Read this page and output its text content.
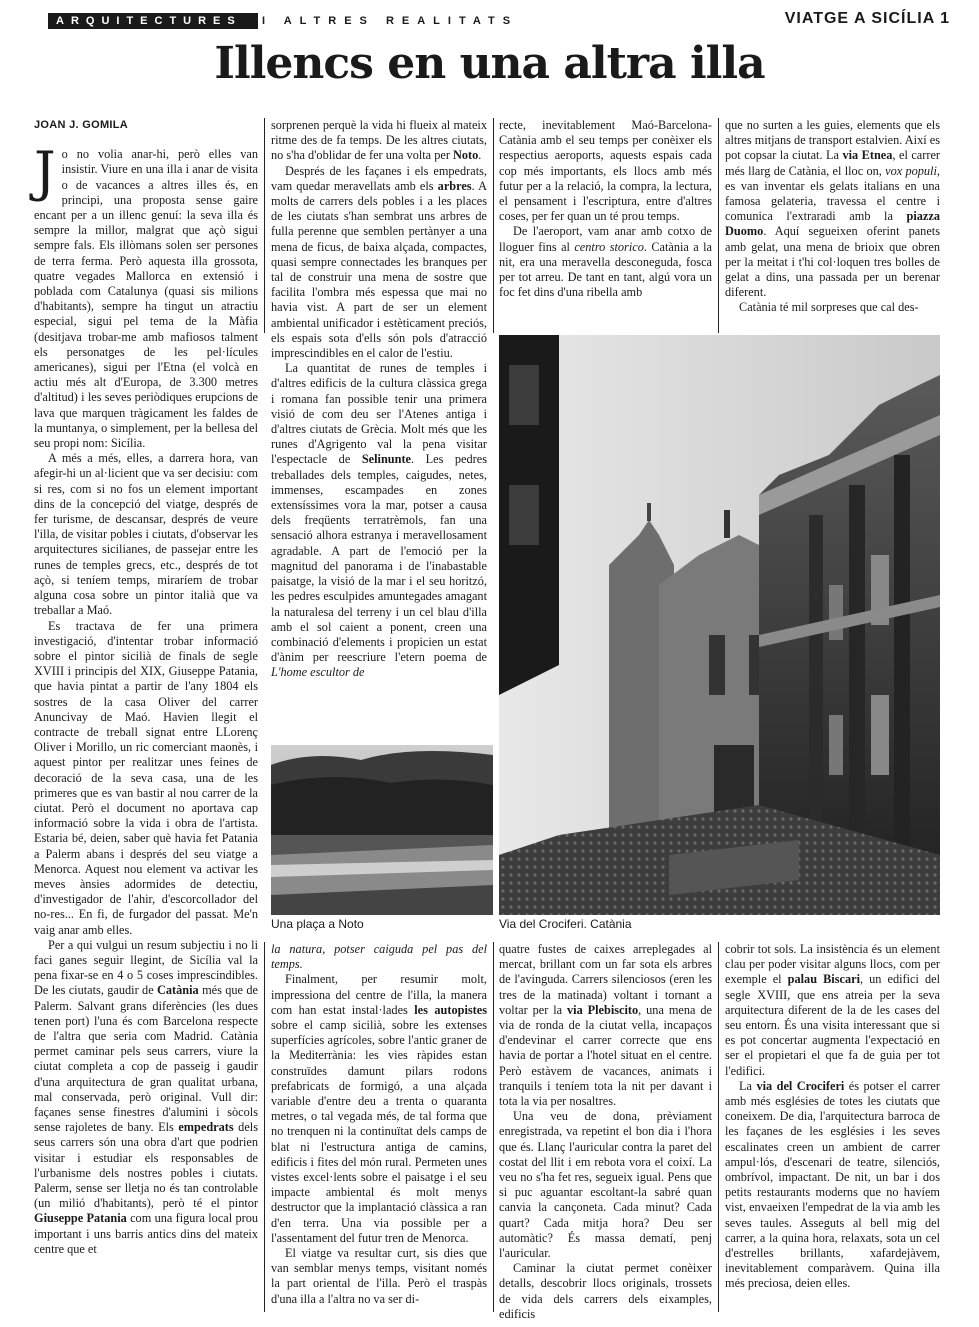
ARQUITECTURES	I ALTRES REALITATS	VIATGE A SICÍLIA 1
Illencs en una altra illa
JOAN J. GOMILA

Jo no volia anar-hi, però elles van insistir. Viure en una illa i anar de visita o de vacances a altres illes és, en principi, una proposta sense gaire encant per a un illenc genuí: la seva illa és sempre la millor, malgrat que açò sigui sempre fals. Els illòmans solen ser persones de terra ferma. Però aquesta illa grossota, quatre vegades Mallorca en extensió i poblada com Catalunya (quasi sis milions d'habitants), sempre ha tingut un atractiu especial, sigui pel tema de la Màfia (desitjava trobar-me amb mafiosos talment els personatges de les pel·lícules americanes), sigui per l'Etna (el volcà en actiu més alt d'Europa, de 3.300 metres d'altitud) i les seves periòdiques erupcions de lava que marquen tràgicament les faldes de la muntanya, o simplement, per la bellesa del seu propi nom: Sicília.

A més a més, elles, a darrera hora, van afegir-hi un al·licient que va ser decisiu: com si res, com si no fos un element important dins de la concepció del viatge, després de fer turisme, de descansar, després de veure l'illa, de visitar pobles i ciutats, d'observar les arquitectures sicilianes, de passejar entre les runes de temples grecs, etc., després de tot açò, si teníem temps, miraríem de trobar alguna cosa sobre un pintor italià que va treballar a Maó.

Es tractava de fer una primera investigació, d'intentar trobar informació sobre el pintor sicilià de finals de segle XVIII i principis del XIX, Giuseppe Patania, que havia pintat a partir de l'any 1804 els sostres de la casa Oliver del carrer Anuncivay de Maó. Havien llegit el contracte de treball signat entre LLorenç Oliver i Morillo, un ric comerciant maonès, i aquest pintor per realitzar unes feines de decoració de la seva casa, una de les primeres que es van bastir al nou carrer de la ciutat. Però el document no aportava cap informació sobre la vida i obra de l'artista. Estaria bé, deien, saber què havia fet Patania a Palerm abans i després del seu viatge a Menorca. Aquest nou element va activar les meves ànsies adormides de detectiu, d'investigador de l'ahir, d'escorcollador del no-res... En fi, de furgador del passat. Me'n vaig anar amb elles.

Per a qui vulgui un resum subjectiu i no li faci ganes seguir llegint, de Sicília val la pena fixar-se en 4 o 5 coses imprescindibles. De les ciutats, gaudir de Catània més que de Palerm. Salvant grans diferències (les dues tenen port) l'una és com Barcelona respecte de l'altra que seria com Madrid. Catània permet caminar pels seus carrers, viure la ciutat completa a cop de passeig i gaudir d'una arquitectura de gran qualitat urbana, mal conservada, però original. Vull dir: façanes sense finestres d'alumini i sòcols sense rajoletes de bany. Els empedrats dels seus carrers són una obra d'art que podrien visitar i estudiar els responsables de l'urbanisme dels nostres pobles i ciutats. Palerm, sense ser lletja no és tan controlable (un milió d'habitants), però té el pintor Giuseppe Patania com una figura local prou important i uns barris antics dins del mateix centre que et

sorprenen perquè la vida hi flueix al mateix ritme des de fa temps. De les altres ciutats, no s'ha d'oblidar de fer una volta per Noto.

Després de les façanes i els empedrats, vam quedar meravellats amb els arbres. A molts de carrers dels pobles i a les places de les ciutats s'han sembrat uns arbres de fulla perenne que semblen pertànyer a una mena de ficus, de baixa alçada, compactes, quasi sempre connectades les branques per tal de construir una mena de sostre que facilita l'ombra més espessa que mai no havia vist. A part de ser un element ambiental unificador i estèticament preciós, els espais sota d'ells són pols d'atracció imprescindibles en el calor de l'estiu.

La quantitat de runes de temples i d'altres edificis de la cultura clàssica grega i romana fan possible tenir una primera visió de com deu ser l'Atenes antiga i d'altres ciutats de Grècia. Molt més que les runes d'Agrigento val la pena visitar l'espectacle de Selinunte. Les pedres treballades dels temples, caigudes, netes, immenses, escampades en zones extensíssimes vora la mar, potser a causa dels freqüents terratrèmols, fan una sensació alhora estranya i meravellosament agradable. A part de l'emoció per la magnitud del panorama i de l'inabastable paisatge, la visió de la mar i el seu horitzó, les pedres esculpides amuntegades amagant la naturalesa del terreny i un cel blau d'illa amb el sol caient a ponent, creen una combinació d'elements i propicien un estat d'ànim per reescriure l'etern poema de L'home escultor de

recte, inevitablement Maó-Barcelona-Catània amb el seu temps per conèixer els respectius aeroports, aquests espais cada cop més importants, els llocs amb més futur per a la relació, la compra, la lectura, el pensament i l'escriptura, entre d'altres coses, per fer quan un té prou temps.

De l'aeroport, vam anar amb cotxo de lloguer fins al centro storico. Catània a la nit, era una meravella desconeguda, fosca per tot arreu. De tant en tant, algú vora un foc fet dins d'una ribella amb

que no surten a les guies, elements que els altres mitjans de transport estalvien. Així es pot copsar la ciutat. La via Etnea, el carrer més llarg de Catània, el lloc on, vox populi, es van inventar els gelats italians en una famosa gelateria, travessa el centre i comunica l'extraradi amb la piazza Duomo. Aquí segueixen oferint panets amb gelat, una mena de brioix que obren per la meitat i t'hi col·loquen tres bolles de gelat a dins, una passada per un berenar diferent.

Catània té mil sorpreses que cal des-

Una plaça a Noto	Via del Crociferi. Catània

la natura, potser caiguda pel pas del temps.

Finalment, per resumir molt, impressiona del centre de l'illa, la manera com han estat instal·lades les autopistes sobre el camp sicilià, sobre les extenses superfícies agrícoles, sobre l'antic graner de la Mediterrània: les vies ràpides estan construïdes damunt pilars rodons prefabricats de formigó, a una alçada variable d'entre deu a trenta o quaranta metres, o tal vegada més, de tal forma que no trenquen ni la continuïtat dels camps de blat ni l'estructura antiga de camins, edificis i fites del món rural. Permeten unes vistes excel·lents sobre el paisatge i el seu impacte ambiental és molt menys destructor que la implantació clàssica a ran d'en terra. Una via possible per a l'assentament del futur tren de Menorca.

El viatge va resultar curt, sis dies que van semblar menys temps, visitant només la part oriental de l'illa. Però el traspàs d'una illa a l'altra no va ser di-

quatre fustes de caixes arreplegades al mercat, brillant com un far sota els arbres de l'avinguda. Carrers silenciosos (eren les tres de la matinada) voltant i tornant a voltar per la via Plebiscito, una mena de via de ronda de la ciutat vella, incapaços d'endevinar el carrer correcte que ens havia de portar a l'hotel situat en el centre. Però estàvem de vacances, animats i tranquils i teníem tota la nit per davant i tota la via per nosaltres.

Una veu de dona, prèviament enregistrada, va repetint el bon dia i l'hora que és. Llanç l'auricular contra la paret del costat del llit i em rebota vora el coixí. La veu no s'ha fet res, segueix igual. Pens que si puc aguantar escoltant-la sabré quan canvia la cançoneta. Cada minut? Cada quart? Cada mitja hora? Deu ser automàtic? És massa dematí, penj l'auricular.

Caminar la ciutat permet conèixer detalls, descobrir llocs originals, trossets de vida dels carrers dels eixamples, edificis

cobrir tot sols. La insistència és un element clau per poder visitar alguns llocs, com per exemple el palau Biscari, un edifici del segle XVIII, que ens atreia per la seva arquitectura diferent de la de les cases del seu entorn. És una visita interessant que si es pot concertar augmenta l'expectació en ser el propietari el que fa de guia per tot l'edifici.

La via del Crociferi és potser el carrer amb més esglésies de totes les ciutats que coneixem. De dia, l'arquitectura barroca de les façanes de les esglésies i les seves escalinates creen un ambient de carrer ampul·lós, d'escenari de teatre, silenciós, ombrívol, impactant. De nit, un bar i dos petits restaurants moderns que no havíem vist, envaeixen l'empedrat de la via amb les seves taules. Asseguts al bell mig del carrer, a la quina hora, relaxats, sota un cel d'estrelles brillants, xafardejàvem, inevitablement comparàvem. Quina illa més preciosa, deien elles.
